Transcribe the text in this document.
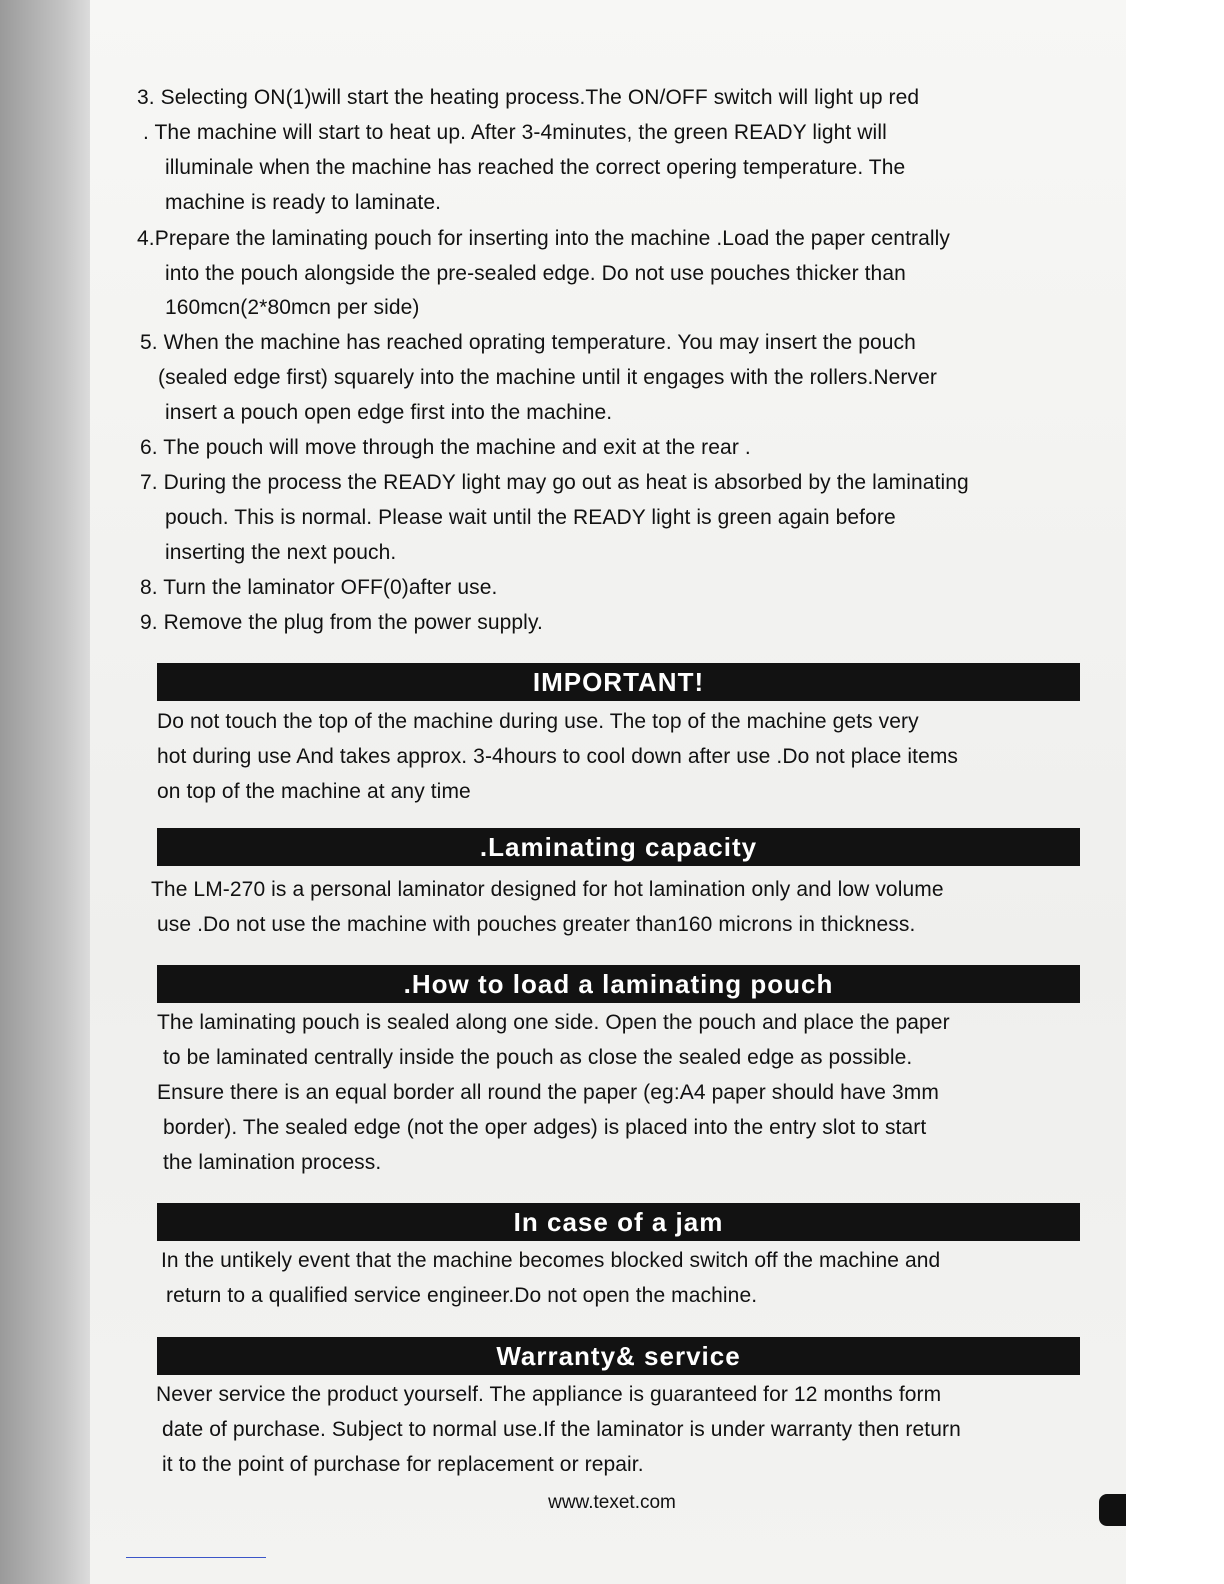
3. Selecting ON(1)will start the heating process.The ON/OFF switch will light up red
. The machine will start to heat up. After 3-4minutes, the green READY light will
illuminale when the machine has reached the correct opering temperature. The
machine is ready to laminate.
4.Prepare the laminating pouch for inserting into the machine .Load the paper centrally
into the pouch alongside the pre-sealed edge. Do not use pouches thicker than
160mcn(2*80mcn per side)
5. When the machine has reached oprating temperature. You may insert the pouch
(sealed edge first) squarely into the machine until it engages with the rollers.Nerver
insert a pouch open edge first into the machine.
6. The pouch will move through the machine and exit at the rear .
7. During the process the READY light may go out as heat is absorbed by the laminating
pouch. This is normal. Please wait until the READY light is green again before
inserting the next pouch.
8. Turn the laminator OFF(0)after use.
9. Remove the plug from the power supply.
IMPORTANT!
Do not touch the top of the machine during use. The top of the machine gets very
hot during use And takes approx. 3-4hours to cool down after use .Do not place items
on top of the machine at any time
.Laminating capacity
The LM-270 is a personal laminator designed for hot lamination only and low volume
use .Do not use the machine with pouches greater than160 microns in thickness.
.How to load a laminating pouch
The laminating pouch is sealed along one side. Open the pouch and place the paper
to be laminated centrally inside the pouch as close the sealed edge as possible.
Ensure there is an equal border all round the paper (eg:A4 paper should have 3mm
border). The sealed edge (not the oper adges) is placed into the entry slot to start
the lamination process.
In case of a jam
In the untikely event that the machine becomes blocked switch off the machine and
return to a qualified service engineer.Do not open the machine.
Warranty& service
Never service the product yourself. The appliance is guaranteed for 12 months form
date of purchase. Subject to normal use.If the laminator is under warranty then return
it to the point of purchase for replacement or repair.
www.texet.com
